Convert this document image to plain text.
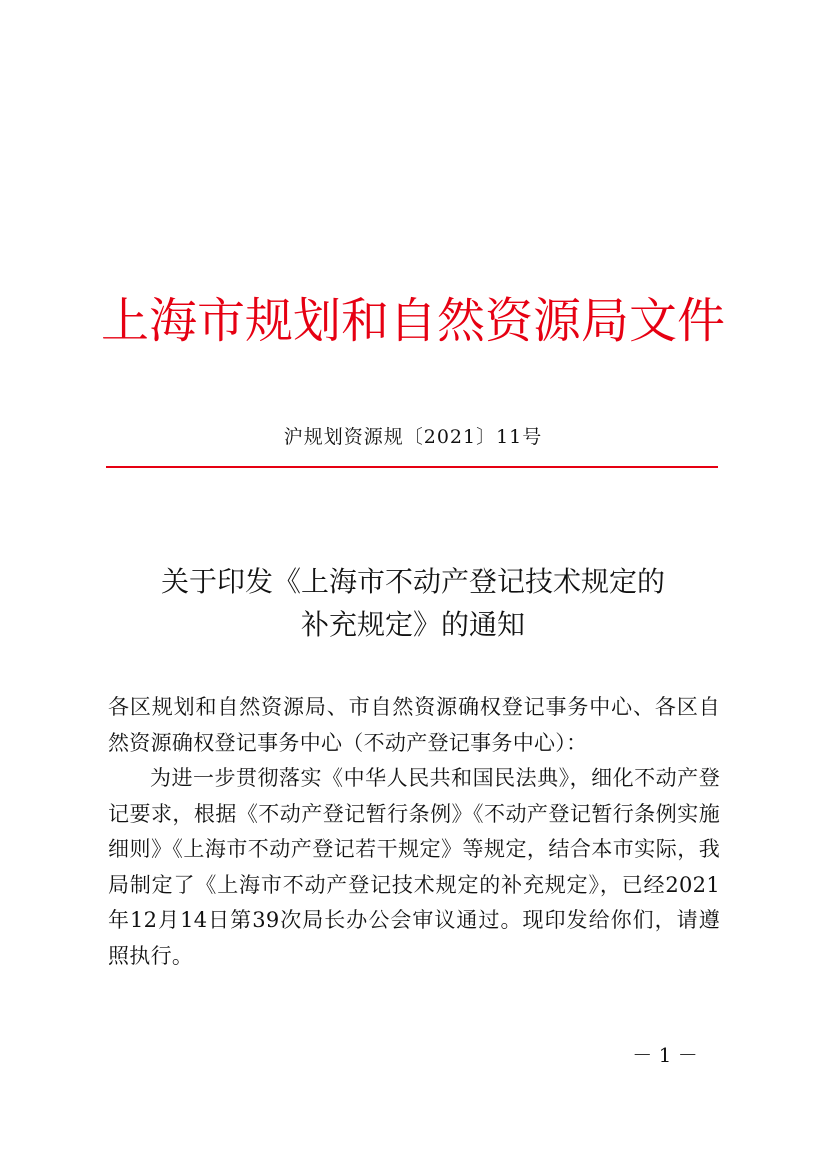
上海市规划和自然资源局文件
沪规划资源规〔2021〕11号
关于印发《上海市不动产登记技术规定的
补充规定》的通知

各区规划和自然资源局、市自然资源确权登记事务中心、各区自然资源确权登记事务中心（不动产登记事务中心）：

为进一步贯彻落实《中华人民共和国民法典》，细化不动产登记要求，根据《不动产登记暂行条例》《不动产登记暂行条例实施细则》《上海市不动产登记若干规定》等规定，结合本市实际，我局制定了《上海市不动产登记技术规定的补充规定》，已经2021年12月14日第39次局长办公会审议通过。现印发给你们，请遵照执行。

－ 1 －
